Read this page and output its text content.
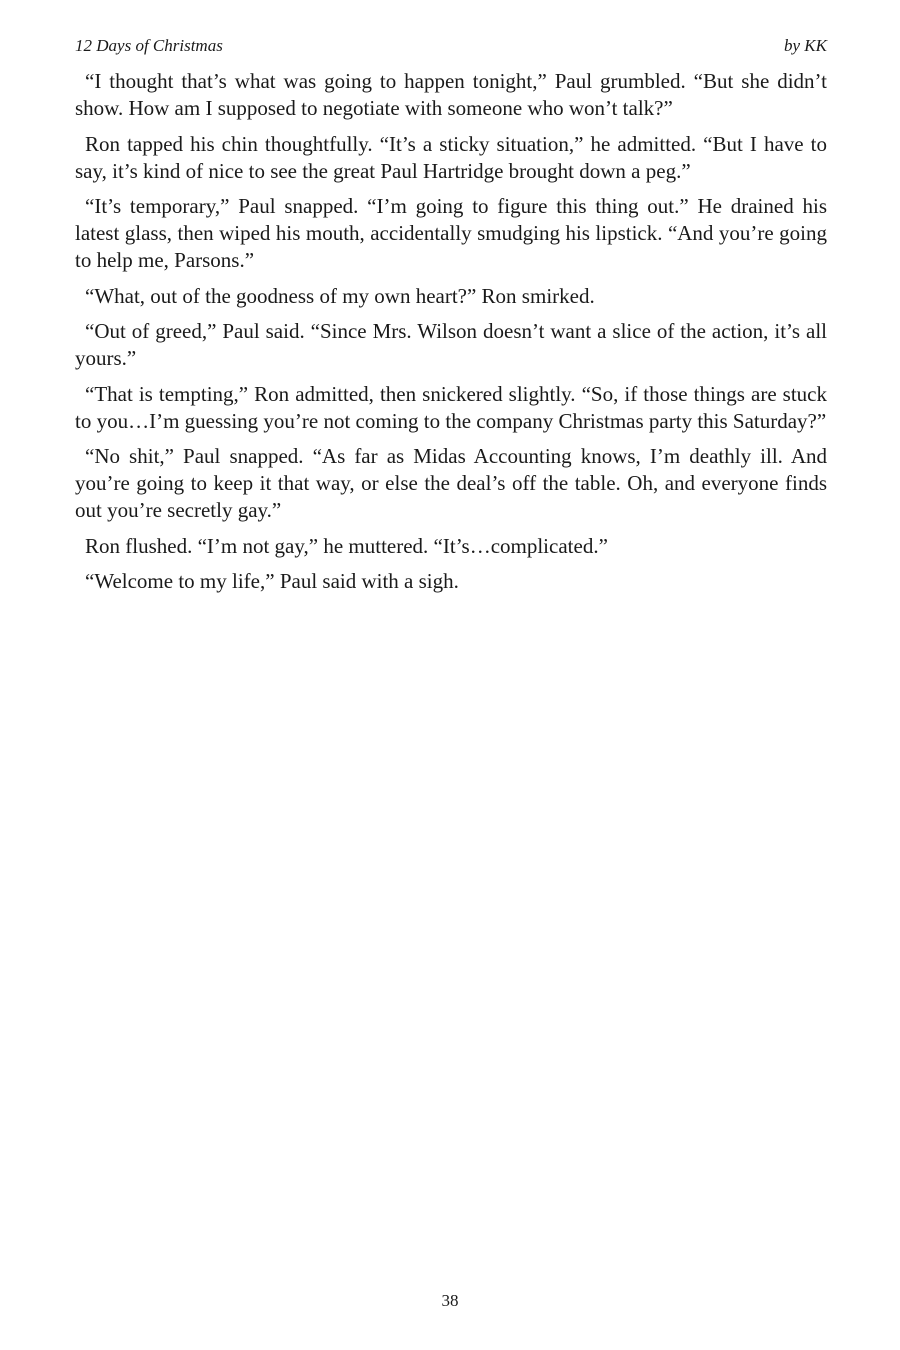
12 Days of Christmas	by KK

“I thought that’s what was going to happen tonight,” Paul grumbled. “But she didn’t show. How am I supposed to negotiate with someone who won’t talk?”

Ron tapped his chin thoughtfully. “It’s a sticky situation,” he admitted. “But I have to say, it’s kind of nice to see the great Paul Hartridge brought down a peg.”

“It’s temporary,” Paul snapped. “I’m going to figure this thing out.” He drained his latest glass, then wiped his mouth, accidentally smudging his lipstick. “And you’re going to help me, Parsons.”

“What, out of the goodness of my own heart?” Ron smirked.

“Out of greed,” Paul said. “Since Mrs. Wilson doesn’t want a slice of the action, it’s all yours.”

“That is tempting,” Ron admitted, then snickered slightly. “So, if those things are stuck to you…I’m guessing you’re not coming to the company Christmas party this Saturday?”

“No shit,” Paul snapped. “As far as Midas Accounting knows, I’m deathly ill. And you’re going to keep it that way, or else the deal’s off the table. Oh, and everyone finds out you’re secretly gay.”

Ron flushed. “I’m not gay,” he muttered. “It’s…complicated.”

“Welcome to my life,” Paul said with a sigh.

38
